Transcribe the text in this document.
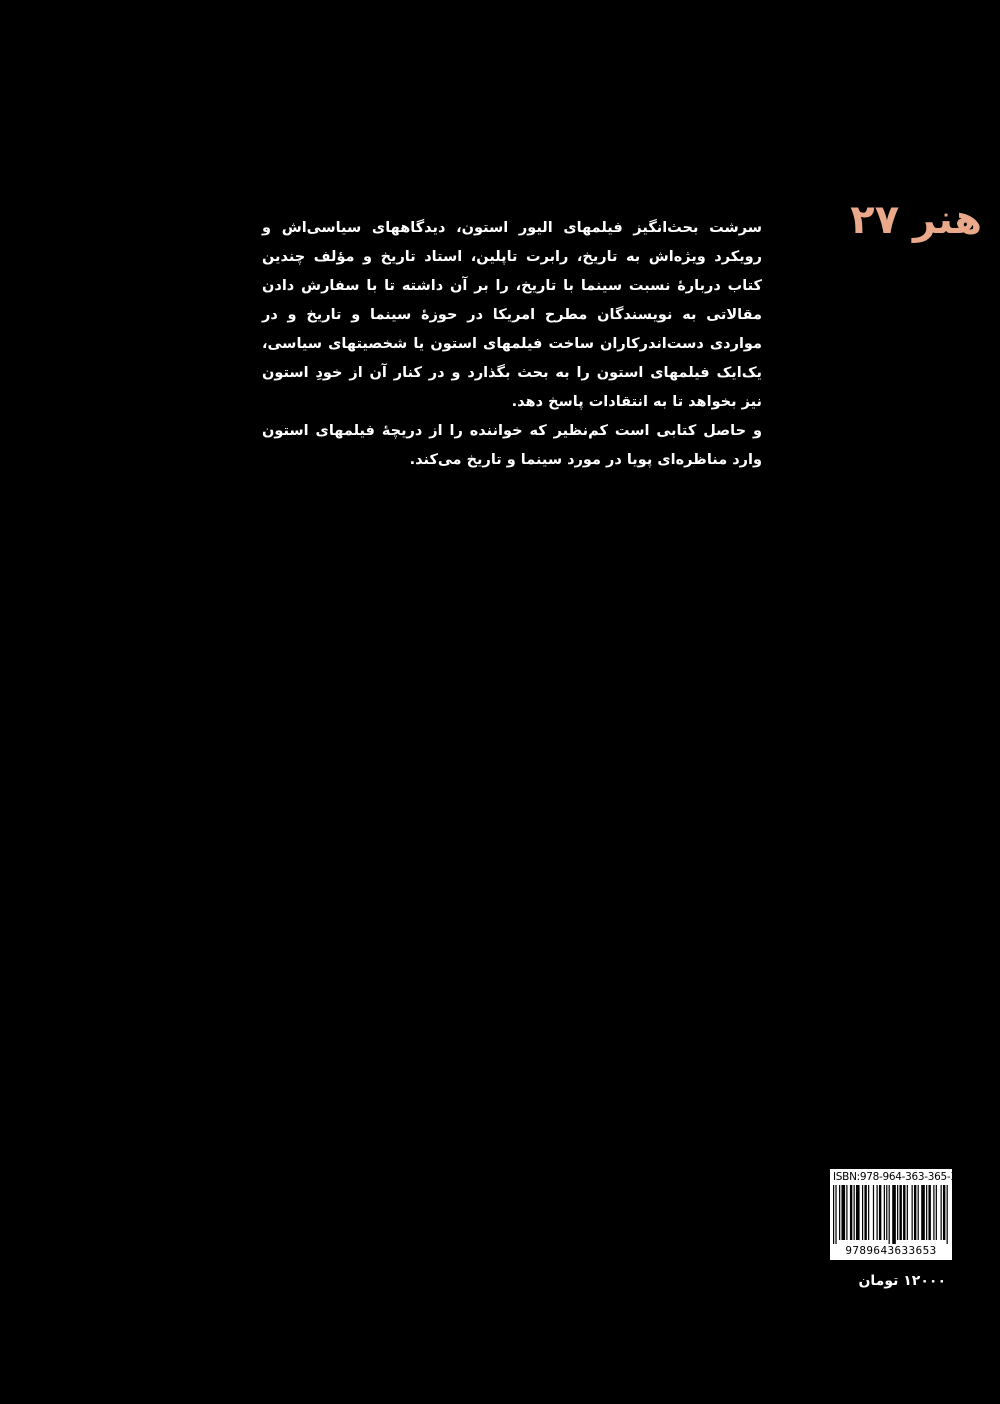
هنر ۲۷

سرشت بحث‌انگیز فیلمهای الیور استون، دیدگاههای سیاسی‌اش و رویکرد ویژه‌اش به تاریخ، رابرت تاپلین، استاد تاریخ و مؤلف چندین کتاب دربارهٔ نسبت سینما با تاریخ، را بر آن داشته تا با سفارش دادن مقالاتی به نویسندگان مطرح امریکا در حوزهٔ سینما و تاریخ و در مواردی دست‌اندرکاران ساخت فیلمهای استون یا شخصیتهای سیاسی، یک‌ایک فیلمهای استون را به بحث بگذارد و در کنار آن از خودِ استون نیز بخواهد تا به انتقادات پاسخ دهد.

و حاصل کتابی است کم‌نظیر که خواننده را از دریچهٔ فیلمهای استون وارد مناظره‌ای پویا در مورد سینما و تاریخ می‌کند.

ISBN:978-964-363-365-3
9789643633653
۱۲۰۰۰ تومان
